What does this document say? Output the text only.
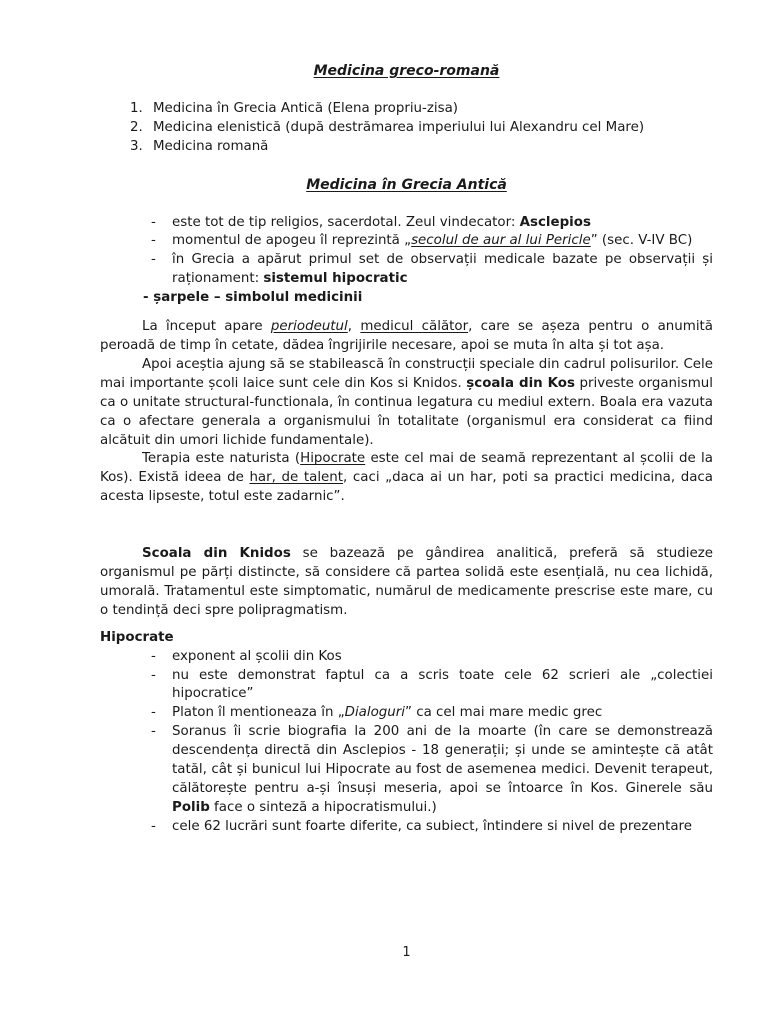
Medicina greco-romană
1. Medicina în Grecia Antică (Elena propriu-zisa)
2. Medicina elenistică (după destrămarea imperiului lui Alexandru cel Mare)
3. Medicina romană
Medicina în Grecia Antică
- este tot de tip religios, sacerdotal. Zeul vindecator: Asclepios
- momentul de apogeu îl reprezintă „secolul de aur al lui Pericle” (sec. V-IV BC)
- în Grecia a apărut primul set de observații medicale bazate pe observații și raționament: sistemul hipocratic
- șarpele – simbolul medicinii
La început apare periodeutul, medicul călător, care se așeza pentru o anumită peroadă de timp în cetate, dădea îngrijirile necesare, apoi se muta în alta și tot așa.
Apoi aceștia ajung să se stabilească în construcții speciale din cadrul polisurilor. Cele mai importante școli laice sunt cele din Kos si Knidos. școala din Kos priveste organismul ca o unitate structural-functionala, în continua legatura cu mediul extern. Boala era vazuta ca o afectare generala a organismului în totalitate (organismul era considerat ca fiind alcătuit din umori lichide fundamentale).
Terapia este naturista (Hipocrate este cel mai de seamă reprezentant al școlii de la Kos). Există ideea de har, de talent, caci „daca ai un har, poti sa practici medicina, daca acesta lipseste, totul este zadarnic”.
Scoala din Knidos se bazează pe gândirea analitică, preferă să studieze organismul pe părți distincte, să considere că partea solidă este esențială, nu cea lichidă, umorală. Tratamentul este simptomatic, numărul de medicamente prescrise este mare, cu o tendință deci spre polipragmatism.
Hipocrate
- exponent al școlii din Kos
- nu este demonstrat faptul ca a scris toate cele 62 scrieri ale „colectiei hipocratice”
- Platon îl mentioneaza în „Dialoguri” ca cel mai mare medic grec
- Soranus îi scrie biografia la 200 ani de la moarte (în care se demonstrează descendența directă din Asclepios - 18 generații; și unde se amintește că atât tatăl, cât și bunicul lui Hipocrate au fost de asemenea medici. Devenit terapeut, călătorește pentru a-și însuși meseria, apoi se întoarce în Kos. Ginerele său Polib face o sinteză a hipocratismului.)
- cele 62 lucrări sunt foarte diferite, ca subiect, întindere si nivel de prezentare
1
